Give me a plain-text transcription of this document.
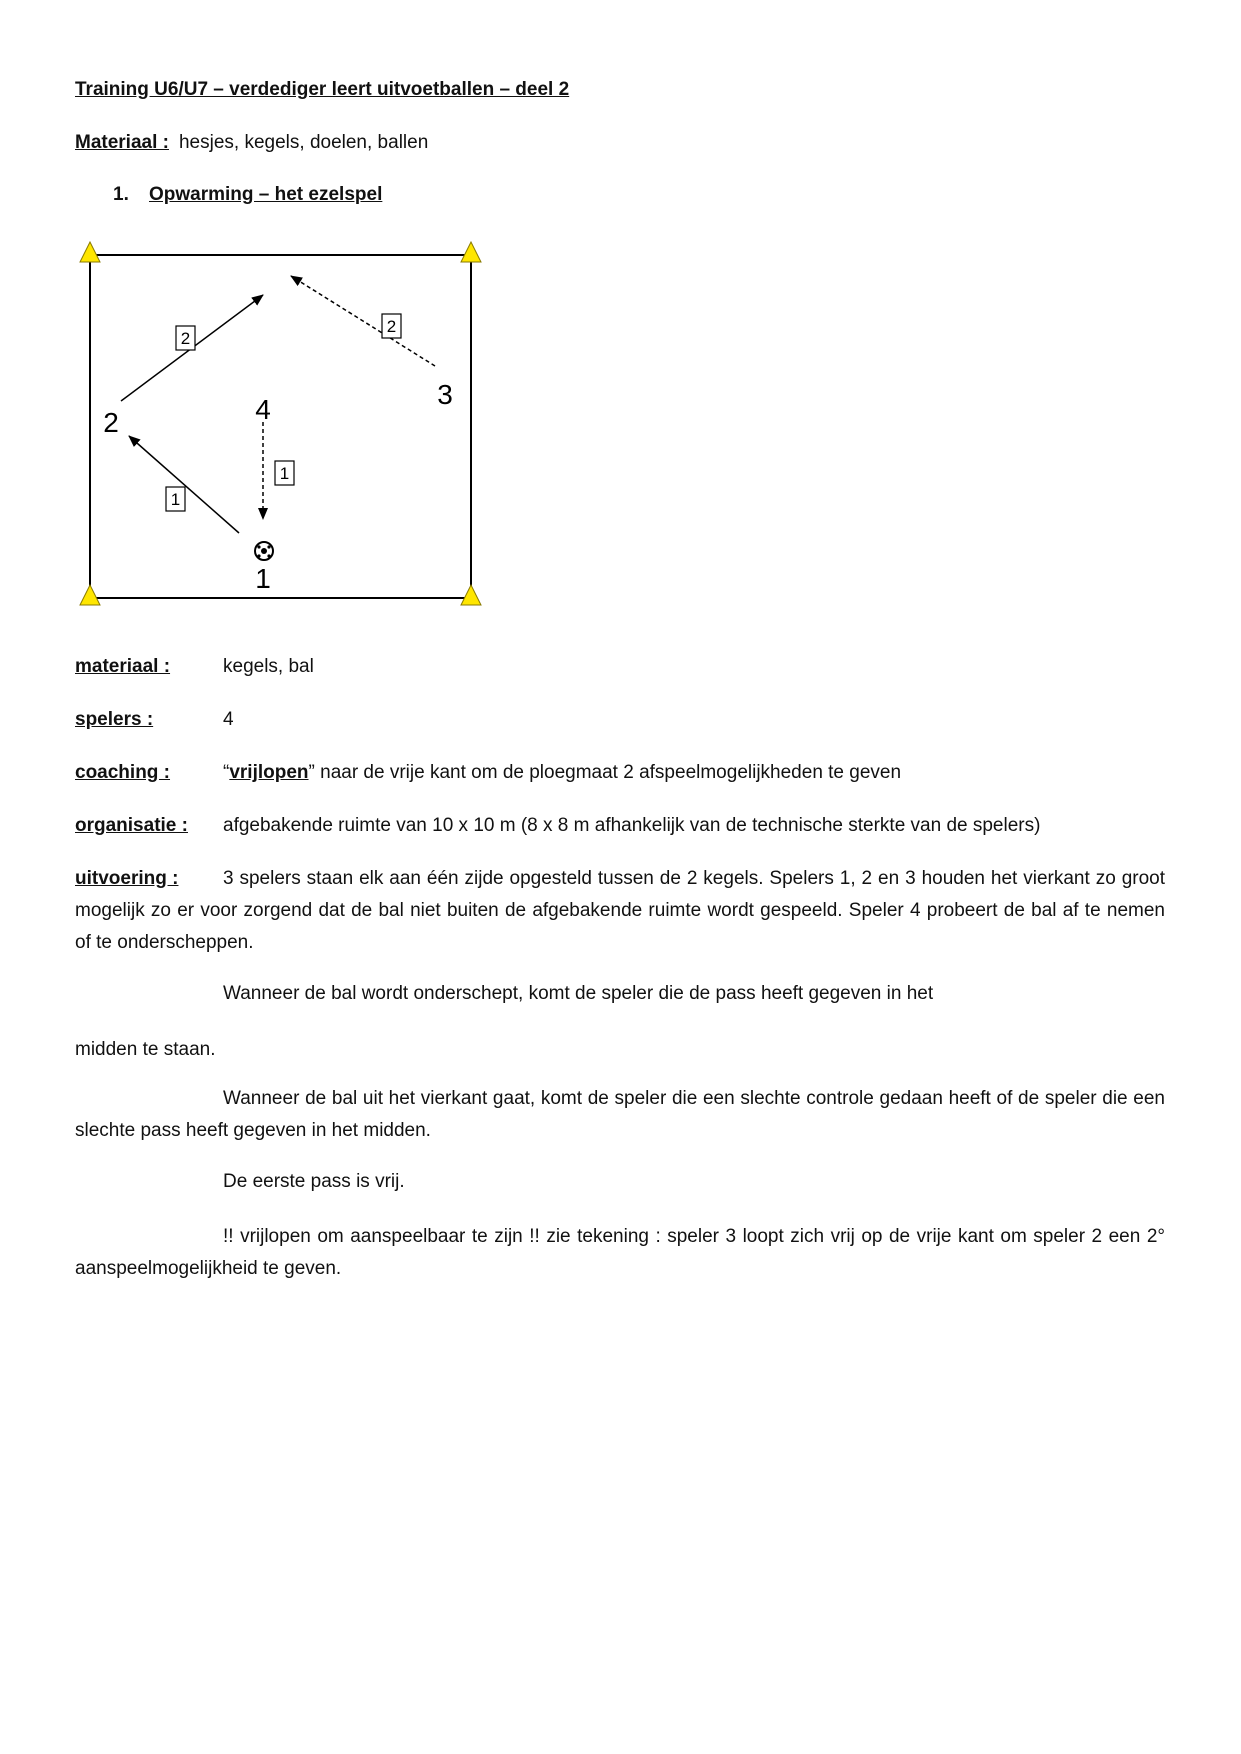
Training U6/U7 – verdediger leert uitvoetballen – deel 2
Materiaal : hesjes, kegels, doelen, ballen
1. Opwarming – het ezelspel
1
1
2
2
1
2
3
4
materiaal :	kegels, bal
spelers :	4
coaching :	“vrijlopen” naar de vrije kant om de ploegmaat 2 afspeelmogelijkheden te geven
organisatie : afgebakende ruimte van 10 x 10 m (8 x 8 m afhankelijk van de technische sterkte van de spelers)
uitvoering : 3 spelers staan elk aan één zijde opgesteld tussen de 2 kegels. Spelers 1, 2 en 3 houden het vierkant zo groot mogelijk zo er voor zorgend dat de bal niet buiten de afgebakende ruimte wordt gespeeld. Speler 4 probeert de bal af te nemen of te onderscheppen.
Wanneer de bal wordt onderschept, komt de speler die de pass heeft gegeven in het
midden te staan.
Wanneer de bal uit het vierkant gaat, komt de speler die een slechte controle gedaan heeft of de speler die een slechte pass heeft gegeven in het midden.
De eerste pass is vrij.
!! vrijlopen om aanspeelbaar te zijn !! zie tekening : speler 3 loopt zich vrij op de vrije kant om speler 2 een 2° aanspeelmogelijkheid te geven.
